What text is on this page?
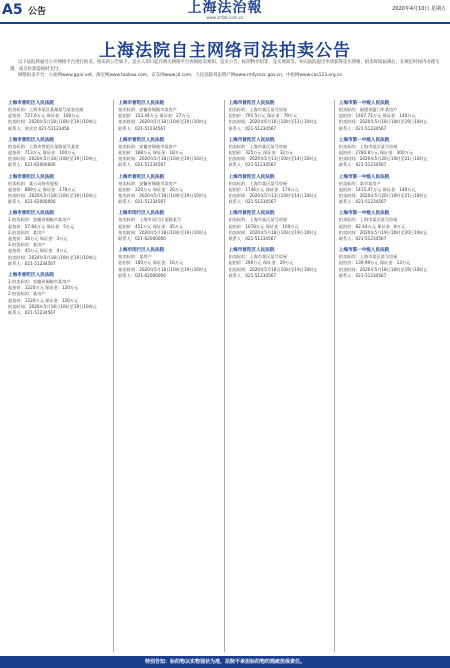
A5 公告	上海法治報
www.shfzb.com.cn
2020年4月10日 星期五
上海法院自主网络司法拍卖公告

以下法院将通过公开网络平台进行拍卖，拍卖的公告如下。竞买人即日起在相关网络平台查阅拍卖须知、竞买公告、标的物介绍等，竞买须知等。并向法院提出申请获得竞买资格，拍卖时间届满后，在规定时间内办理交割，成交价款需按时支付。

网络拍卖平台：公拍网www.gpai.net，淘宝网www.taobao.com，京东网www.jd.com，人民法院诉讼资产网www.rmfysszc.gov.cn，中拍网www.cas123.org.cn

上海市普陀区人民法院
拍卖标的：上海市某区某路某号某室房屋
起拍价：727.6万元 保证金：160万元
拍卖时间：2020年5月18日10时至19日10时止
联系人：余法官 021-51123456
上海市普陀区人民法院
拍卖标的：上海市普陀区某路某号某室
起拍价：713万元 保证金：100万元
拍卖时间：2020年5月18日10时至19日10时止
联系人：021-62000000
上海市普陀区人民法院
拍卖标的：某公司持有股权
起拍价：889万元 保证金：178万元
拍卖时间：2020年5月18日10时至19日10时止
联系人：021-62000000
上海市普陀区人民法院
1.拍卖标的：安徽省铜陵市某房产
起拍价：57.84万元 保证金：5万元
2.拍卖标的：某房产
起拍价：36万元 保证金：3万元
3.拍卖标的：某房产
起拍价：45万元 保证金：4万元
拍卖时间：2020年5月18日10时至19日10时止
联系人：021-51234567
上海市普陀区人民法院
1.拍卖标的：安徽省铜陵市某房产
起拍价：1220万元 保证金：120万元
2.拍卖标的：某房产
起拍价：1220万元 保证金：120万元
拍卖时间：2020年5月18日10时至19日10时止
联系人：021-51234567
上海市普陀区人民法院
拍卖标的：安徽省铜陵市某房产
起拍价：153.44万元 保证金：27万元
拍卖时间：2020年5月18日10时至19日10时止
联系人：021-51234567
上海市普陀区人民法院
拍卖标的：安徽省铜陵市某房产
起拍价：188万元 保证金：18万元
拍卖时间：2020年5月18日10时至19日10时止
联系人：021-51234567
上海市普陀区人民法院
拍卖标的：安徽省铜陵市某房产
起拍价：220万元 保证金：20万元
拍卖时间：2020年5月18日10时至19日10时止
联系人：021-51234567
上海市闵行区人民法院
拍卖标的：上海市闵行区某路某号
起拍价：451万元 保证金：45万元
拍卖时间：2020年5月18日10时至19日10时止
联系人：021-62000000
上海市闵行区人民法院
拍卖标的：某房产
起拍价：160万元 保证金：16万元
拍卖时间：2020年5月18日10时至19日10时止
联系人：021-62000000
上海市普陀区人民法院
拍卖标的：上海市某区某号房屋
起拍价：791.5万元 保证金：79万元
拍卖时间：2020年6月10日10时至11日10时止
联系人：021-51234567
上海市普陀区人民法院
拍卖标的：上海市某区某号房屋
起拍价：325万元 保证金：32万元
拍卖时间：2020年5月13日10时至14日10时止
联系人：021-51234567
上海市普陀区人民法院
拍卖标的：上海市某区某号房屋
起拍价：1746万元 保证金：174万元
拍卖时间：2020年5月13日10时至14日10时止
联系人：021-51234567
上海市普陀区人民法院
拍卖标的：上海市某区某号房屋
起拍价：1078万元 保证金：100万元
拍卖时间：2020年5月18日10时至19日10时止
联系人：021-51234567
上海市普陀区人民法院
拍卖标的：上海市某区某号房屋
起拍价：290万元 保证金：29万元
拍卖时间：2020年5月18日10时至19日10时止
联系人：021-51234567
上海市第一中级人民法院
拍卖标的：福建省厦门市某房产
起拍价：1407.71万元 保证金：140万元
拍卖时间：2020年5月18日10时至19日10时止
联系人：021-51234567
上海市第一中级人民法院
拍卖标的：上海市某区某号房屋
起拍价：2784.8万元 保证金：300万元
拍卖时间：2020年5月20日10时至21日10时止
联系人：021-51234567
上海市第一中级人民法院
拍卖标的：某市某房产
起拍价：1415.47万元 保证金：140万元
拍卖时间：2020年5月20日10时至21日10时止
联系人：021-51234567
上海市第一中级人民法院
拍卖标的：上海市某区某号房屋
起拍价：82.44万元 保证金：8万元
拍卖时间：2020年5月19日10时至20日10时止
联系人：021-51234567
上海市第一中级人民法院
拍卖标的：上海市某区某号房屋
起拍价：139.99万元 保证金：13万元
拍卖时间：2020年5月18日10时至19日10时止
联系人：021-51234567
特别告知：标的物以实物现状为准，法院不承担标的物的瑕疵担保责任。
